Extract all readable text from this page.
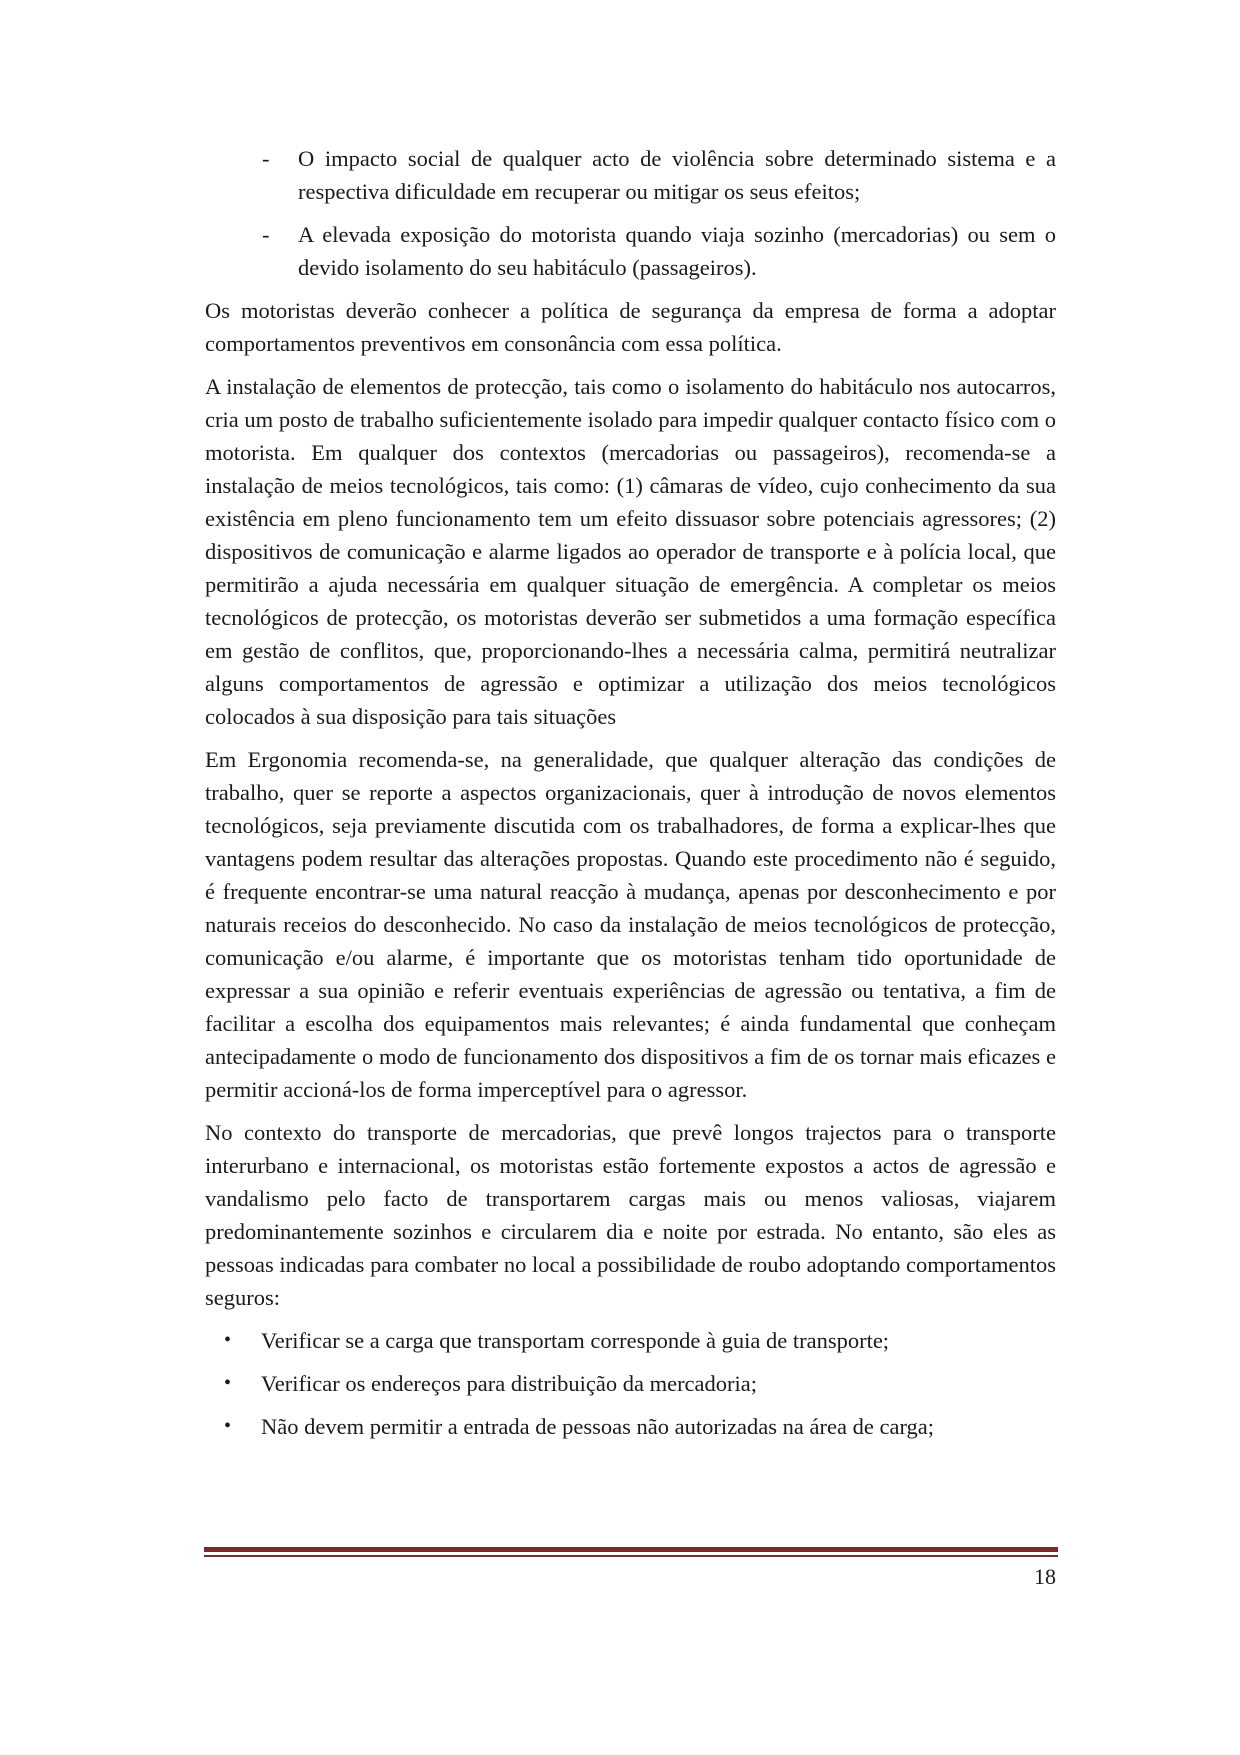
- O impacto social de qualquer acto de violência sobre determinado sistema e a respectiva dificuldade em recuperar ou mitigar os seus efeitos;
- A elevada exposição do motorista quando viaja sozinho (mercadorias) ou sem o devido isolamento do seu habitáculo (passageiros).

Os motoristas deverão conhecer a política de segurança da empresa de forma a adoptar comportamentos preventivos em consonância com essa política.

A instalação de elementos de protecção, tais como o isolamento do habitáculo nos autocarros, cria um posto de trabalho suficientemente isolado para impedir qualquer contacto físico com o motorista. Em qualquer dos contextos (mercadorias ou passageiros), recomenda-se a instalação de meios tecnológicos, tais como: (1) câmaras de vídeo, cujo conhecimento da sua existência em pleno funcionamento tem um efeito dissuasor sobre potenciais agressores; (2) dispositivos de comunicação e alarme ligados ao operador de transporte e à polícia local, que permitirão a ajuda necessária em qualquer situação de emergência. A completar os meios tecnológicos de protecção, os motoristas deverão ser submetidos a uma formação específica em gestão de conflitos, que, proporcionando-lhes a necessária calma, permitirá neutralizar alguns comportamentos de agressão e optimizar a utilização dos meios tecnológicos colocados à sua disposição para tais situações

Em Ergonomia recomenda-se, na generalidade, que qualquer alteração das condições de trabalho, quer se reporte a aspectos organizacionais, quer à introdução de novos elementos tecnológicos, seja previamente discutida com os trabalhadores, de forma a explicar-lhes que vantagens podem resultar das alterações propostas. Quando este procedimento não é seguido, é frequente encontrar-se uma natural reacção à mudança, apenas por desconhecimento e por naturais receios do desconhecido. No caso da instalação de meios tecnológicos de protecção, comunicação e/ou alarme, é importante que os motoristas tenham tido oportunidade de expressar a sua opinião e referir eventuais experiências de agressão ou tentativa, a fim de facilitar a escolha dos equipamentos mais relevantes; é ainda fundamental que conheçam antecipadamente o modo de funcionamento dos dispositivos a fim de os tornar mais eficazes e permitir accioná-los de forma imperceptível para o agressor.

No contexto do transporte de mercadorias, que prevê longos trajectos para o transporte interurbano e internacional, os motoristas estão fortemente expostos a actos de agressão e vandalismo pelo facto de transportarem cargas mais ou menos valiosas, viajarem predominantemente sozinhos e circularem dia e noite por estrada. No entanto, são eles as pessoas indicadas para combater no local a possibilidade de roubo adoptando comportamentos seguros:

• Verificar se a carga que transportam corresponde à guia de transporte;
• Verificar os endereços para distribuição da mercadoria;
• Não devem permitir a entrada de pessoas não autorizadas na área de carga;
18
